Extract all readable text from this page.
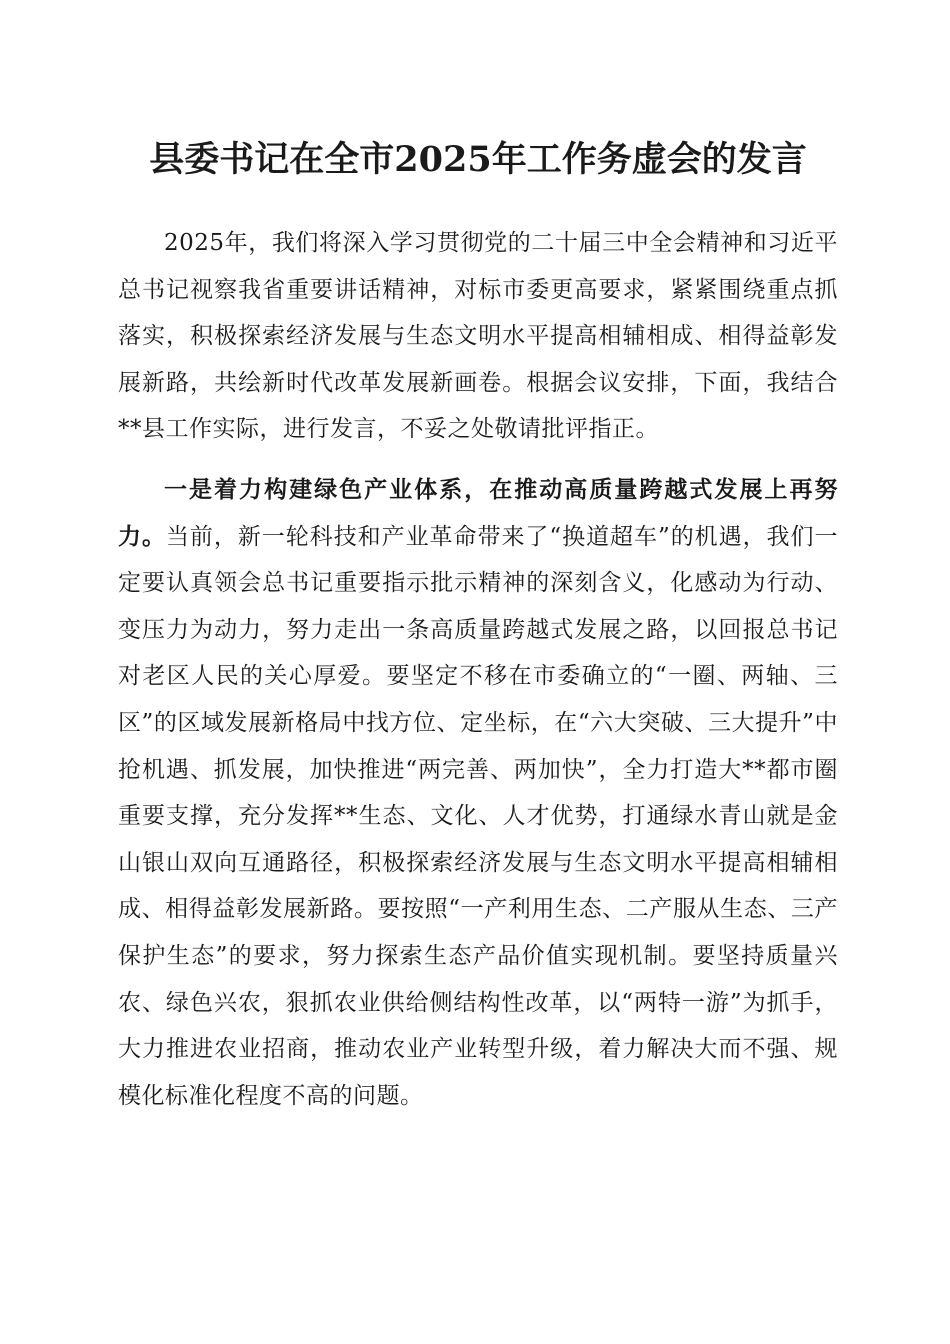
县委书记在全市2025年工作务虚会的发言

2025年，我们将深入学习贯彻党的二十届三中全会精神和习近平总书记视察我省重要讲话精神，对标市委更高要求，紧紧围绕重点抓落实，积极探索经济发展与生态文明水平提高相辅相成、相得益彰发展新路，共绘新时代改革发展新画卷。根据会议安排，下面，我结合**县工作实际，进行发言，不妥之处敬请批评指正。

一是着力构建绿色产业体系，在推动高质量跨越式发展上再努力。当前，新一轮科技和产业革命带来了“换道超车”的机遇，我们一定要认真领会总书记重要指示批示精神的深刻含义，化感动为行动、变压力为动力，努力走出一条高质量跨越式发展之路，以回报总书记对老区人民的关心厚爱。要坚定不移在市委确立的“一圈、两轴、三区”的区域发展新格局中找方位、定坐标，在“六大突破、三大提升”中抢机遇、抓发展，加快推进“两完善、两加快”，全力打造大**都市圈重要支撑，充分发挥**生态、文化、人才优势，打通绿水青山就是金山银山双向互通路径，积极探索经济发展与生态文明水平提高相辅相成、相得益彰发展新路。要按照“一产利用生态、二产服从生态、三产保护生态”的要求，努力探索生态产品价值实现机制。要坚持质量兴农、绿色兴农，狠抓农业供给侧结构性改革，以“两特一游”为抓手，大力推进农业招商，推动农业产业转型升级，着力解决大而不强、规模化标准化程度不高的问题。
